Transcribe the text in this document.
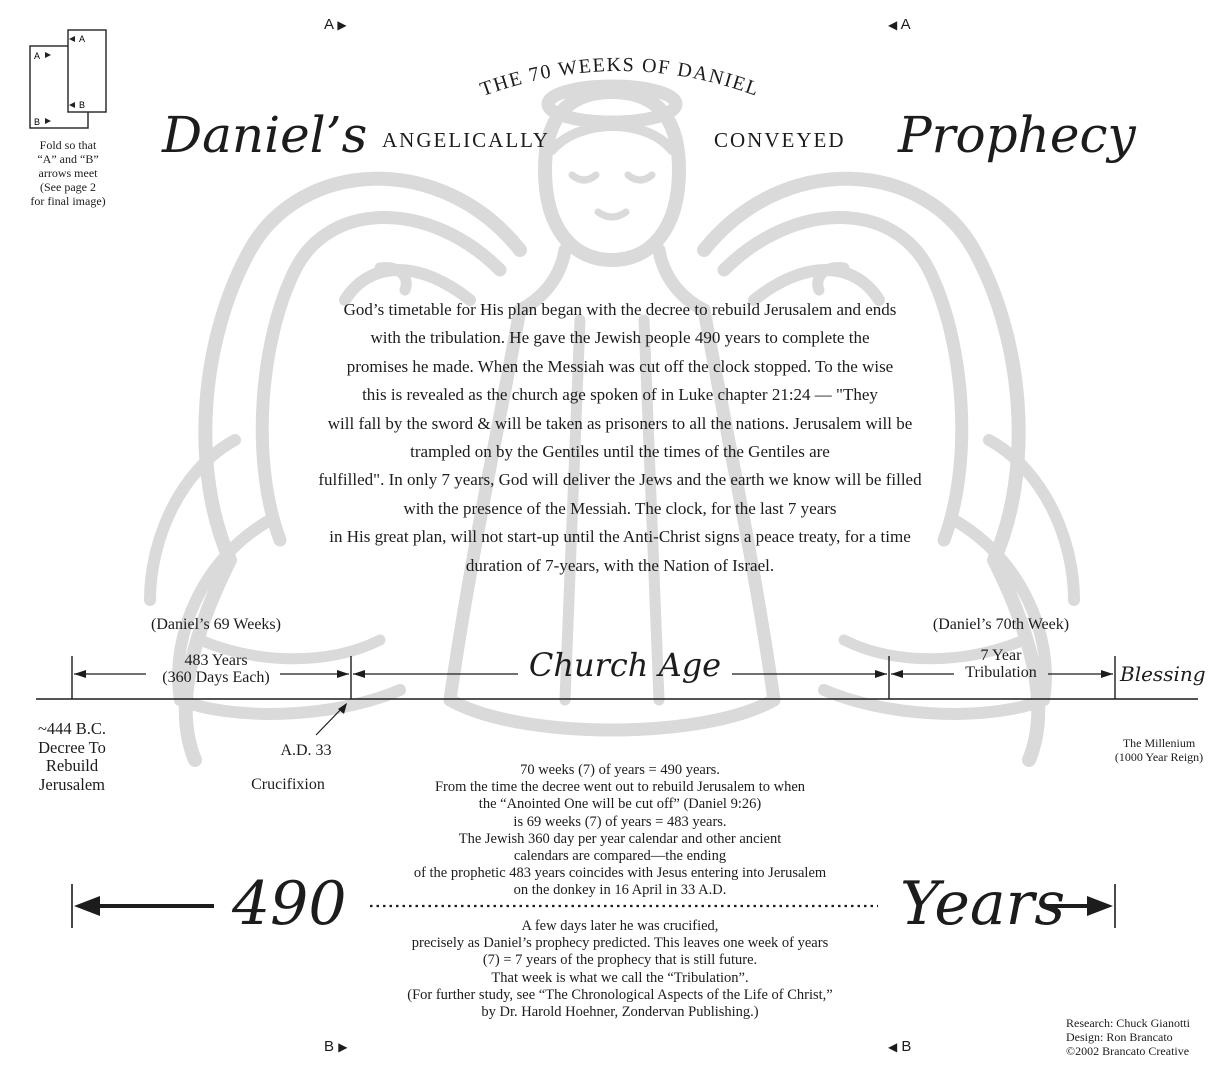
A
A
B
B
Fold so that
“A” and “B”
arrows meet
(See page 2
for final image)
A ▶	◀ A
B ▶	◀ B
THE 70 WEEKS OF DANIEL
Daniel’s ANGELICALLY	CONVEYED Prophecy
God’s timetable for His plan began with the decree to rebuild Jerusalem and ends
with the tribulation. He gave the Jewish people 490 years to complete the
promises he made. When the Messiah was cut off the clock stopped. To the wise
this is revealed as the church age spoken of in Luke chapter 21:24 — "They
will fall by the sword & will be taken as prisoners to all the nations. Jerusalem will be
trampled on by the Gentiles until the times of the Gentiles are
fulfilled". In only 7 years, God will deliver the Jews and the earth we know will be filled
with the presence of the Messiah. The clock, for the last 7 years
in His great plan, will not start-up until the Anti-Christ signs a peace treaty, for a time
duration of 7-years, with the Nation of Israel.
(Daniel’s 69 Weeks)
483 Years
(360 Days Each)	Church Age
(Daniel’s 70th Week)
7 Year
Tribulation	Blessing
~444 B.C.
Decree To
Rebuild
Jerusalem
A.D. 33
Crucifixion
The Millenium
(1000 Year Reign)
70 weeks (7) of years = 490 years.
From the time the decree went out to rebuild Jerusalem to when
the “Anointed One will be cut off” (Daniel 9:26)
is 69 weeks (7) of years = 483 years.
The Jewish 360 day per year calendar and other ancient
calendars are compared—the ending
of the prophetic 483 years coincides with Jesus entering into Jerusalem
on the donkey in 16 April in 33 A.D.
490	Years
A few days later he was crucified,
precisely as Daniel’s prophecy predicted. This leaves one week of years
(7) = 7 years of the prophecy that is still future.
That week is what we call the “Tribulation”.
(For further study, see “The Chronological Aspects of the Life of Christ,”
by Dr. Harold Hoehner, Zondervan Publishing.)
Research: Chuck Gianotti
Design: Ron Brancato
©2002 Brancato Creative
